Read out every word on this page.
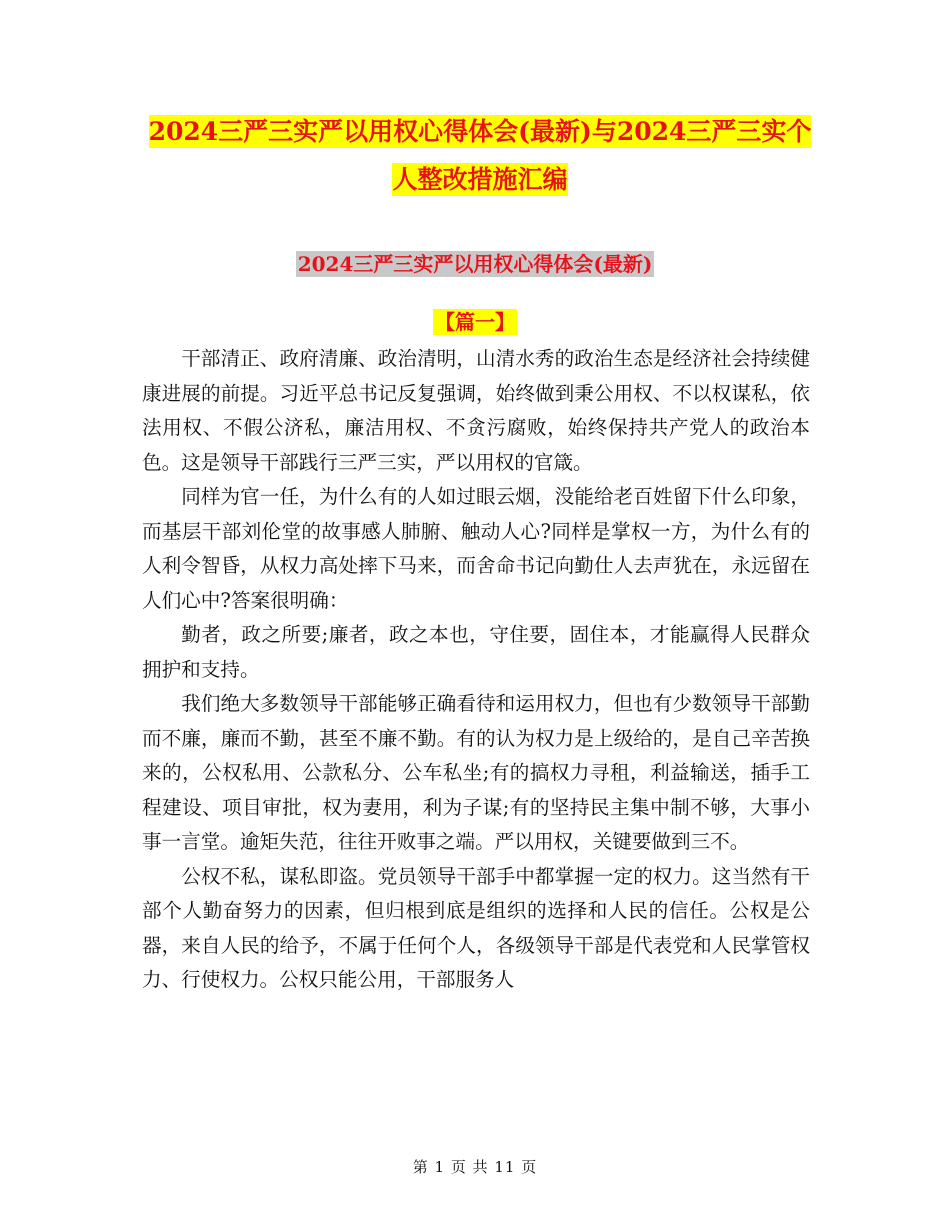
2024三严三实严以用权心得体会(最新)与2024三严三实个人整改措施汇编
2024三严三实严以用权心得体会(最新)
【篇一】

干部清正、政府清廉、政治清明，山清水秀的政治生态是经济社会持续健康进展的前提。习近平总书记反复强调，始终做到秉公用权、不以权谋私，依法用权、不假公济私，廉洁用权、不贪污腐败，始终保持共产党人的政治本色。这是领导干部践行三严三实，严以用权的官箴。

同样为官一任，为什么有的人如过眼云烟，没能给老百姓留下什么印象，而基层干部刘伦堂的故事感人肺腑、触动人心?同样是掌权一方，为什么有的人利令智昏，从权力高处摔下马来，而舍命书记向勤仕人去声犹在，永远留在人们心中?答案很明确：

勤者，政之所要;廉者，政之本也，守住要，固住本，才能赢得人民群众拥护和支持。

我们绝大多数领导干部能够正确看待和运用权力，但也有少数领导干部勤而不廉，廉而不勤，甚至不廉不勤。有的认为权力是上级给的，是自己辛苦换来的，公权私用、公款私分、公车私坐;有的搞权力寻租，利益输送，插手工程建设、项目审批，权为妻用，利为子谋;有的坚持民主集中制不够，大事小事一言堂。逾矩失范，往往开败事之端。严以用权，关键要做到三不。

公权不私，谋私即盗。党员领导干部手中都掌握一定的权力。这当然有干部个人勤奋努力的因素，但归根到底是组织的选择和人民的信任。公权是公器，来自人民的给予，不属于任何个人，各级领导干部是代表党和人民掌管权力、行使权力。公权只能公用，干部服务人

第 1 页 共 11 页
